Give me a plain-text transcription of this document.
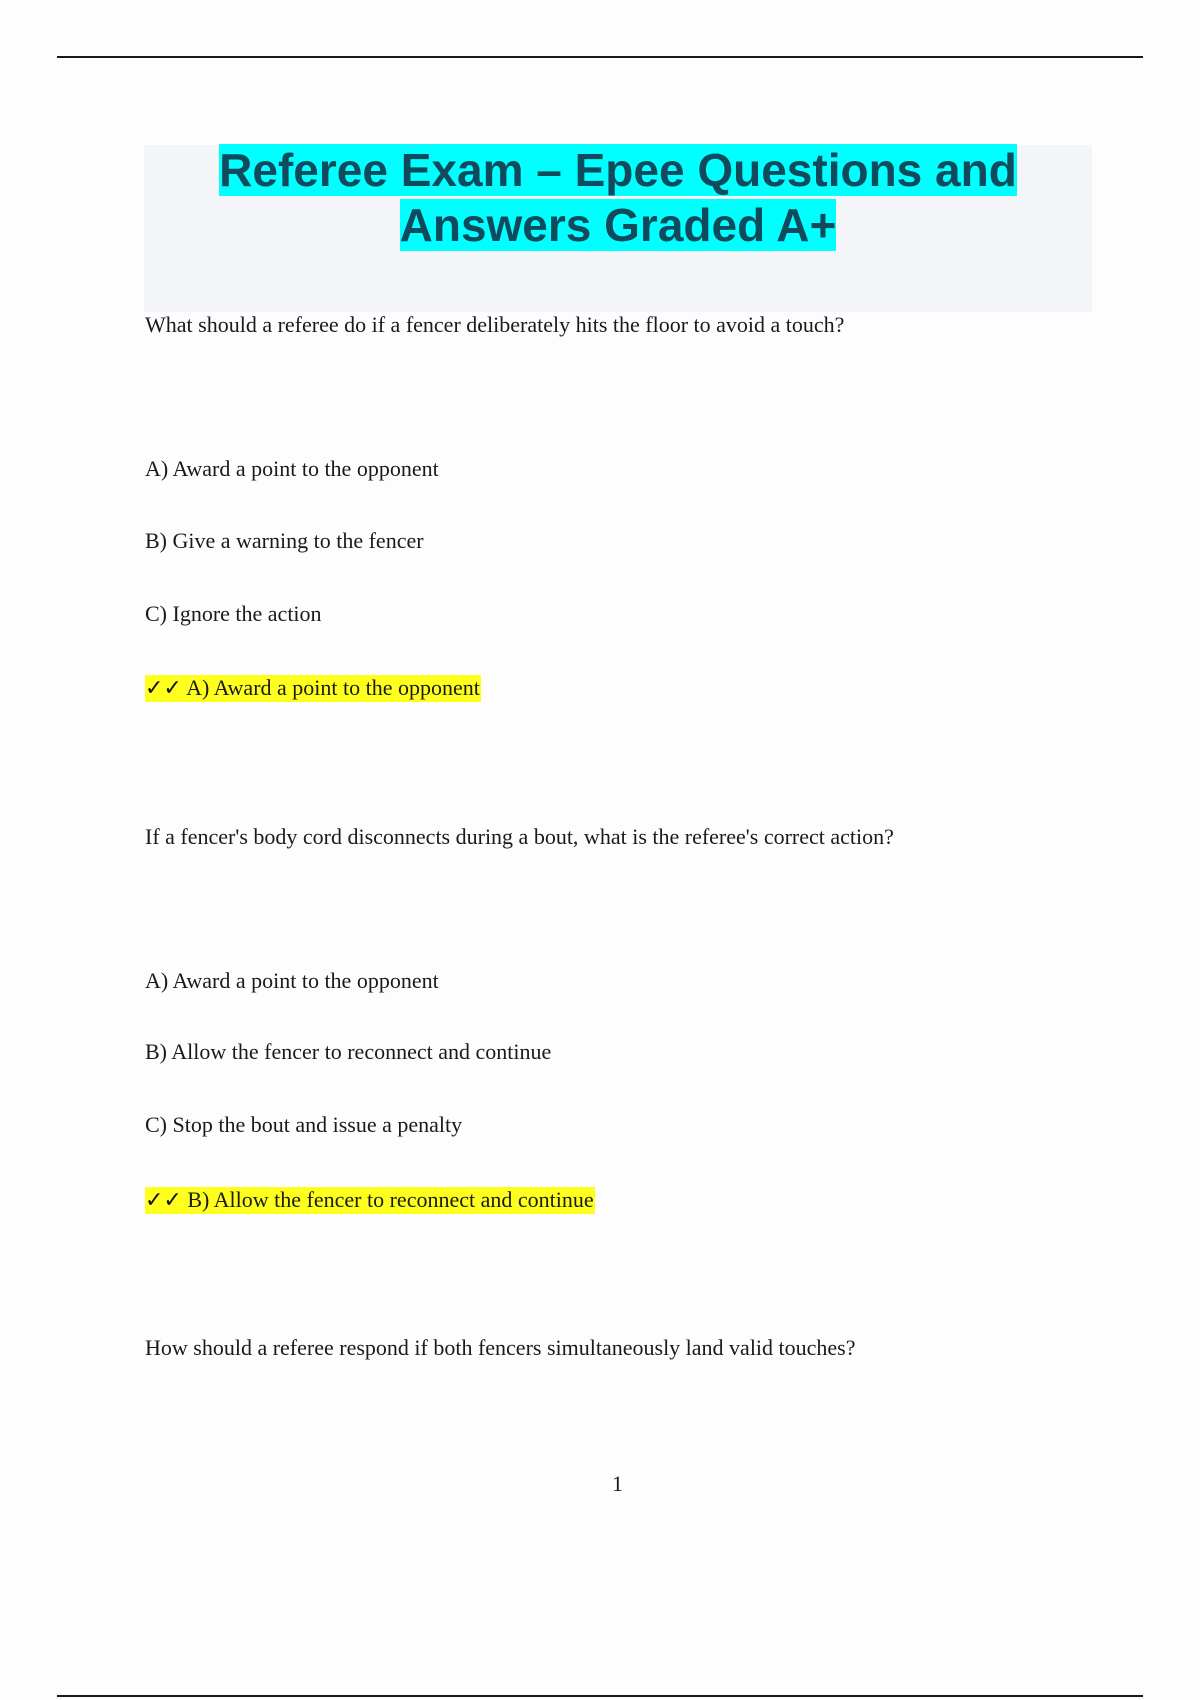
Referee Exam – Epee Questions and
Answers Graded A+
What should a referee do if a fencer deliberately hits the floor to avoid a touch?
A) Award a point to the opponent
B) Give a warning to the fencer
C) Ignore the action
✓✓ A) Award a point to the opponent
If a fencer's body cord disconnects during a bout, what is the referee's correct action?
A) Award a point to the opponent
B) Allow the fencer to reconnect and continue
C) Stop the bout and issue a penalty
✓✓ B) Allow the fencer to reconnect and continue
How should a referee respond if both fencers simultaneously land valid touches?
1
